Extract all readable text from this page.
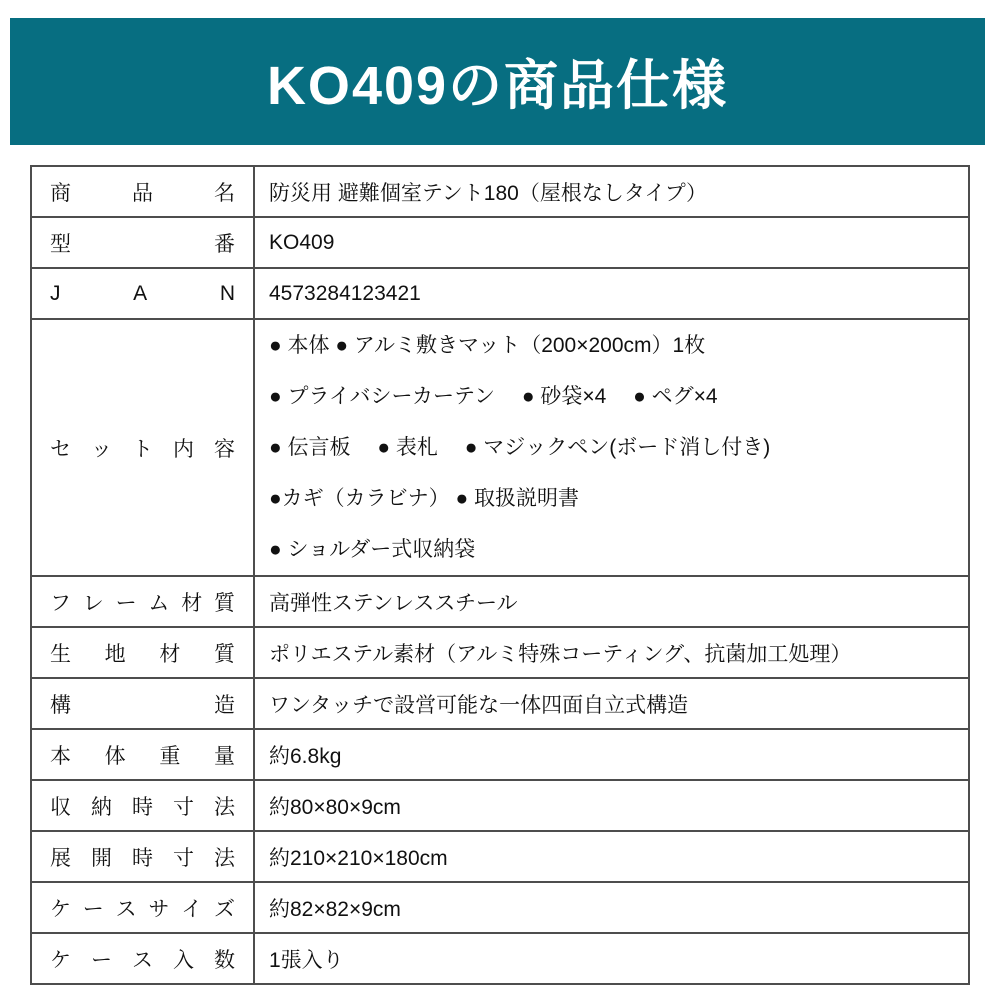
KO409の商品仕様
商 品 名	防災用 避難個室テント180（屋根なしタイプ）

型 番	KO409

J A N	4573284123421

セ ッ ト 内 容

● 本体 ● アルミ敷きマット（200×200cm）1枚
● プライバシーカーテン　 ● 砂袋×4　 ● ペグ×4
● 伝言板　 ● 表札　 ● マジックペン(ボード消し付き)
●カギ（カラビナ） ● 取扱説明書
● ショルダー式収納袋

フ レ ー ム 材 質	高弾性ステンレススチール

生 地 材 質	ポリエステル素材（アルミ特殊コーティング、抗菌加工処理）

構 造	ワンタッチで設営可能な一体四面自立式構造

本 体 重 量	約6.8kg

収 納 時 寸 法	約80×80×9cm

展 開 時 寸 法	約210×210×180cm

ケ ー ス サ イ ズ	約82×82×9cm

ケ ー ス 入 数	1張入り
